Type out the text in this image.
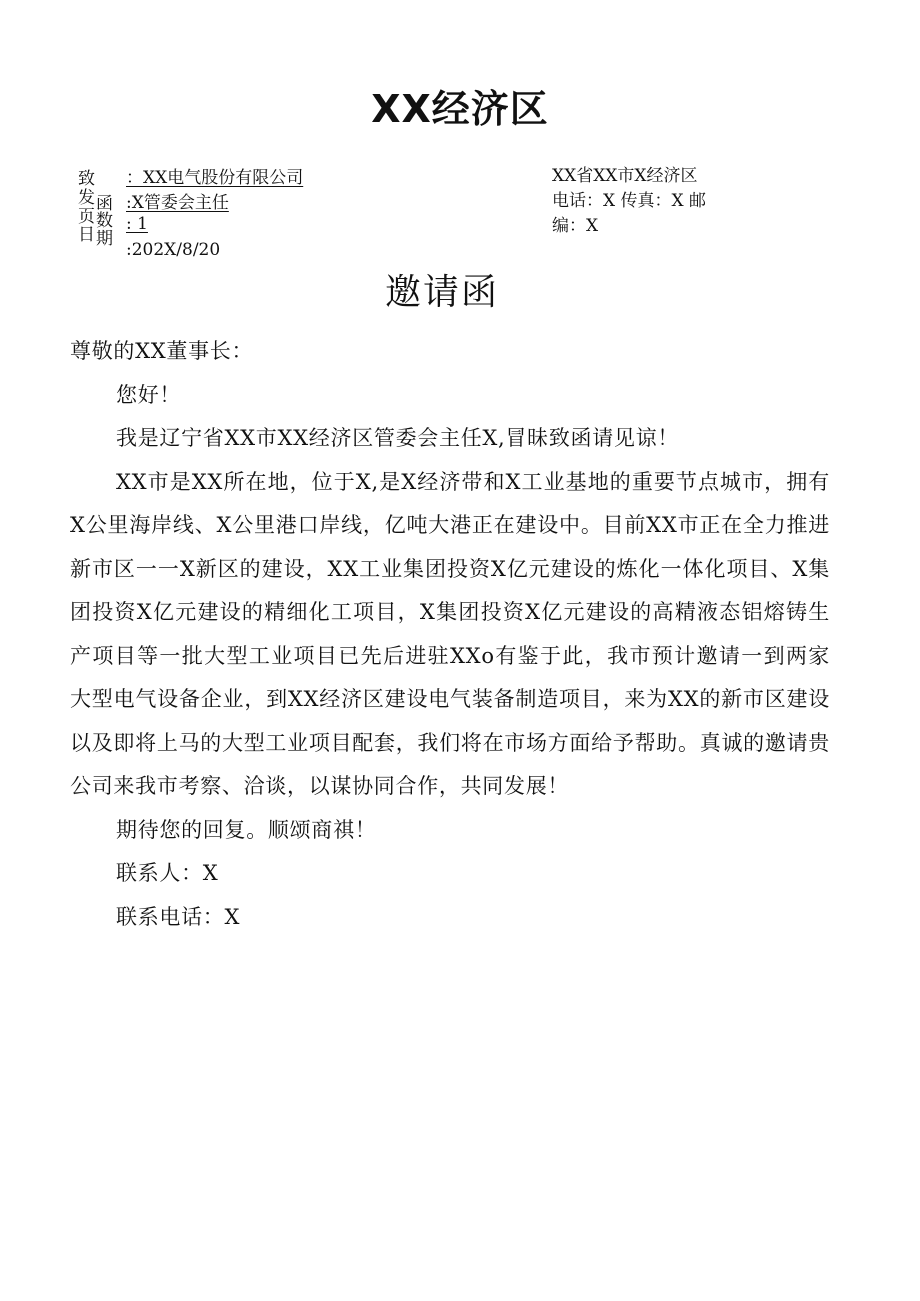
XX经济区
致 ：XX电气股份有限公司
发 函 :X管委会主任
页 数 : 1
日 期
:202X/8/20
XX省XX市X经济区
电话：X 传真：X 邮
编：X
邀请函

尊敬的XX董事长：

您好！

我是辽宁省XX市XX经济区管委会主任X,冒昧致函请见谅！

XX市是XX所在地，位于X,是X经济带和X工业基地的重要节点城市，拥有X公里海岸线、X公里港口岸线，亿吨大港正在建设中。目前XX市正在全力推进新市区一一X新区的建设，XX工业集团投资X亿元建设的炼化一体化项目、X集团投资X亿元建设的精细化工项目，X集团投资X亿元建设的高精液态铝熔铸生产项目等一批大型工业项目已先后进驻XXo有鉴于此，我市预计邀请一到两家大型电气设备企业，到XX经济区建设电气装备制造项目，来为XX的新市区建设以及即将上马的大型工业项目配套，我们将在市场方面给予帮助。真诚的邀请贵公司来我市考察、洽谈，以谋协同合作，共同发展！

期待您的回复。顺颂商祺！

联系人：X

联系电话：X
